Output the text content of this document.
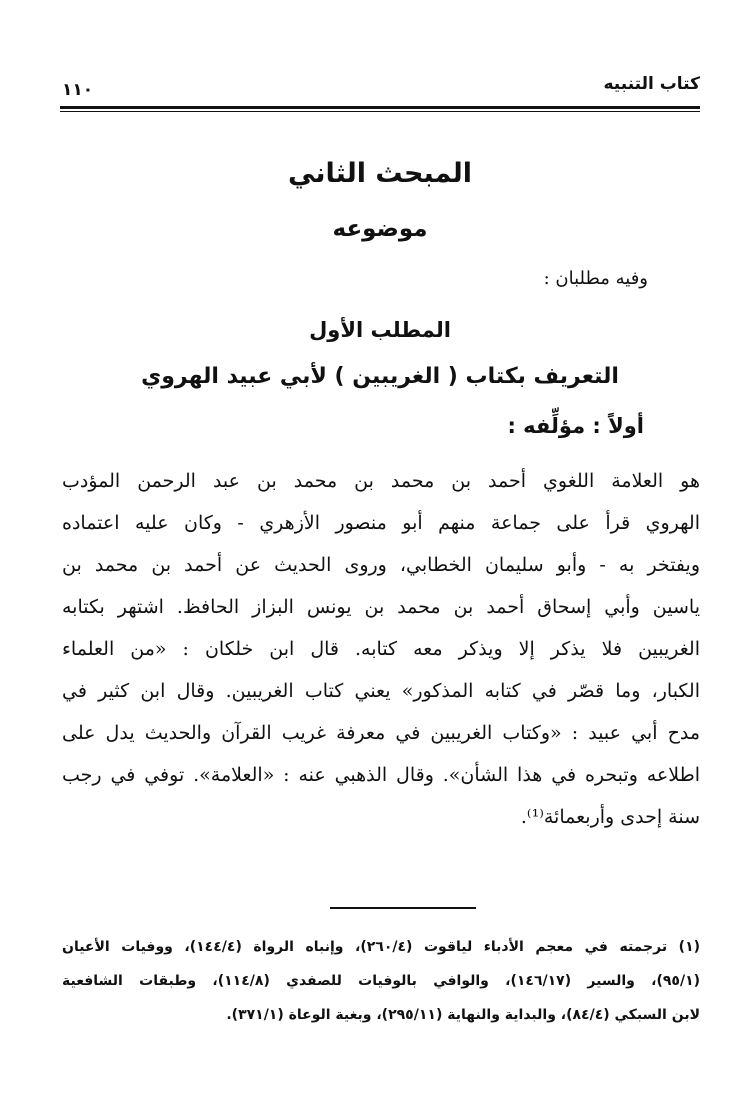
كتاب التنبيه
١١٠
المبحث الثاني
موضوعه
وفيه مطلبان :
المطلب الأول
التعريف بكتاب ( الغريبين ) لأبي عبيد الهروي
أولاً : مؤلِّفه :
هو العلامة اللغوي أحمد بن محمد بن محمد بن عبد الرحمن المؤدب
الهروي قرأ على جماعة منهم أبو منصور الأزهري - وكان عليه اعتماده
ويفتخر به - وأبو سليمان الخطابي، وروى الحديث عن أحمد بن محمد بن
ياسين وأبي إسحاق أحمد بن محمد بن يونس البزاز الحافظ. اشتهر بكتابه
الغريبين فلا يذكر إلا ويذكر معه كتابه. قال ابن خلكان : «من العلماء
الكبار، وما قصّر في كتابه المذكور» يعني كتاب الغريبين. وقال ابن كثير في
مدح أبي عبيد : «وكتاب الغريبين في معرفة غريب القرآن والحديث يدل على
اطلاعه وتبحره في هذا الشأن». وقال الذهبي عنه : «العلامة». توفي في رجب
سنة إحدى وأربعمائة⁽¹⁾.
(١) ترجمته في معجم الأدباء لياقوت (٢٦٠/٤)، وإنباه الرواة (١٤٤/٤)، ووفيات الأعيان
(٩٥/١)، والسير (١٤٦/١٧)، والوافي بالوفيات للصفدي (١١٤/٨)، وطبقات الشافعية
لابن السبكي (٨٤/٤)، والبداية والنهاية (٢٩٥/١١)، وبغية الوعاة (٣٧١/١).
